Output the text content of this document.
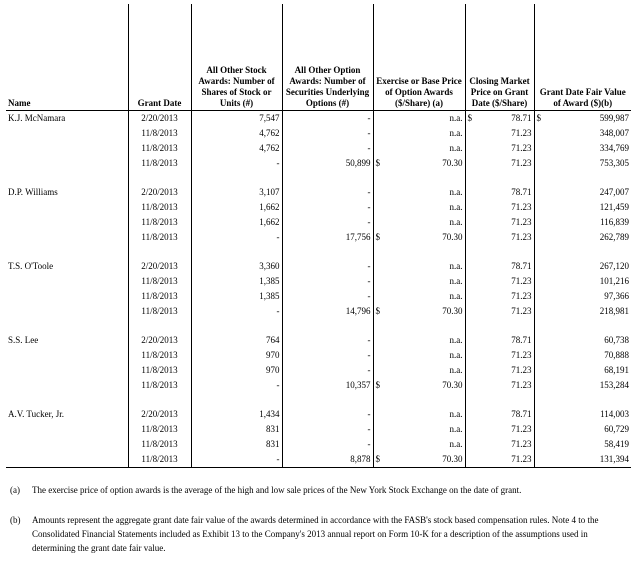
Name	Grant Date	All Other Stock Awards: Number of Shares of Stock or Units (#)	All Other Option Awards: Number of Securities Underlying Options (#)	Exercise or Base Price of Option Awards ($/Share) (a)		Closing Market Price on Grant Date ($/Share)		Grant Date Fair Value of Award ($)(b)	
K.J. McNamara	2/20/2013	7,547	-		n.a.	$	78.71	$	599,987
	11/8/2013	4,762	-		n.a.		71.23		348,007
	11/8/2013	4,762	-		n.a.		71.23		334,769
	11/8/2013	-	50,899	$	70.30		71.23		753,305

D.P. Williams	2/20/2013	3,107	-		n.a.		78.71		247,007
	11/8/2013	1,662	-		n.a.		71.23		121,459
	11/8/2013	1,662	-		n.a.		71.23		116,839
	11/8/2013	-	17,756	$	70.30		71.23		262,789

T.S. O'Toole	2/20/2013	3,360	-		n.a.		78.71		267,120
	11/8/2013	1,385	-		n.a.		71.23		101,216
	11/8/2013	1,385	-		n.a.		71.23		97,366
	11/8/2013	-	14,796	$	70.30		71.23		218,981

S.S. Lee	2/20/2013	764	-		n.a.		78.71		60,738
	11/8/2013	970	-		n.a.		71.23		70,888
	11/8/2013	970	-		n.a.		71.23		68,191
	11/8/2013	-	10,357	$	70.30		71.23		153,284

A.V. Tucker, Jr.	2/20/2013	1,434	-		n.a.		78.71		114,003
	11/8/2013	831	-		n.a.		71.23		60,729
	11/8/2013	831	-		n.a.		71.23		58,419
	11/8/2013	-	8,878	$	70.30		71.23		131,394
(a) The exercise price of option awards is the average of the high and low sale prices of the New York Stock Exchange on the date of grant.
(b) Amounts represent the aggregate grant date fair value of the awards determined in accordance with the FASB's stock based compensation rules. Note 4 to the Consolidated Financial Statements included as Exhibit 13 to the Company's 2013 annual report on Form 10-K for a description of the assumptions used in determining the grant date fair value.
